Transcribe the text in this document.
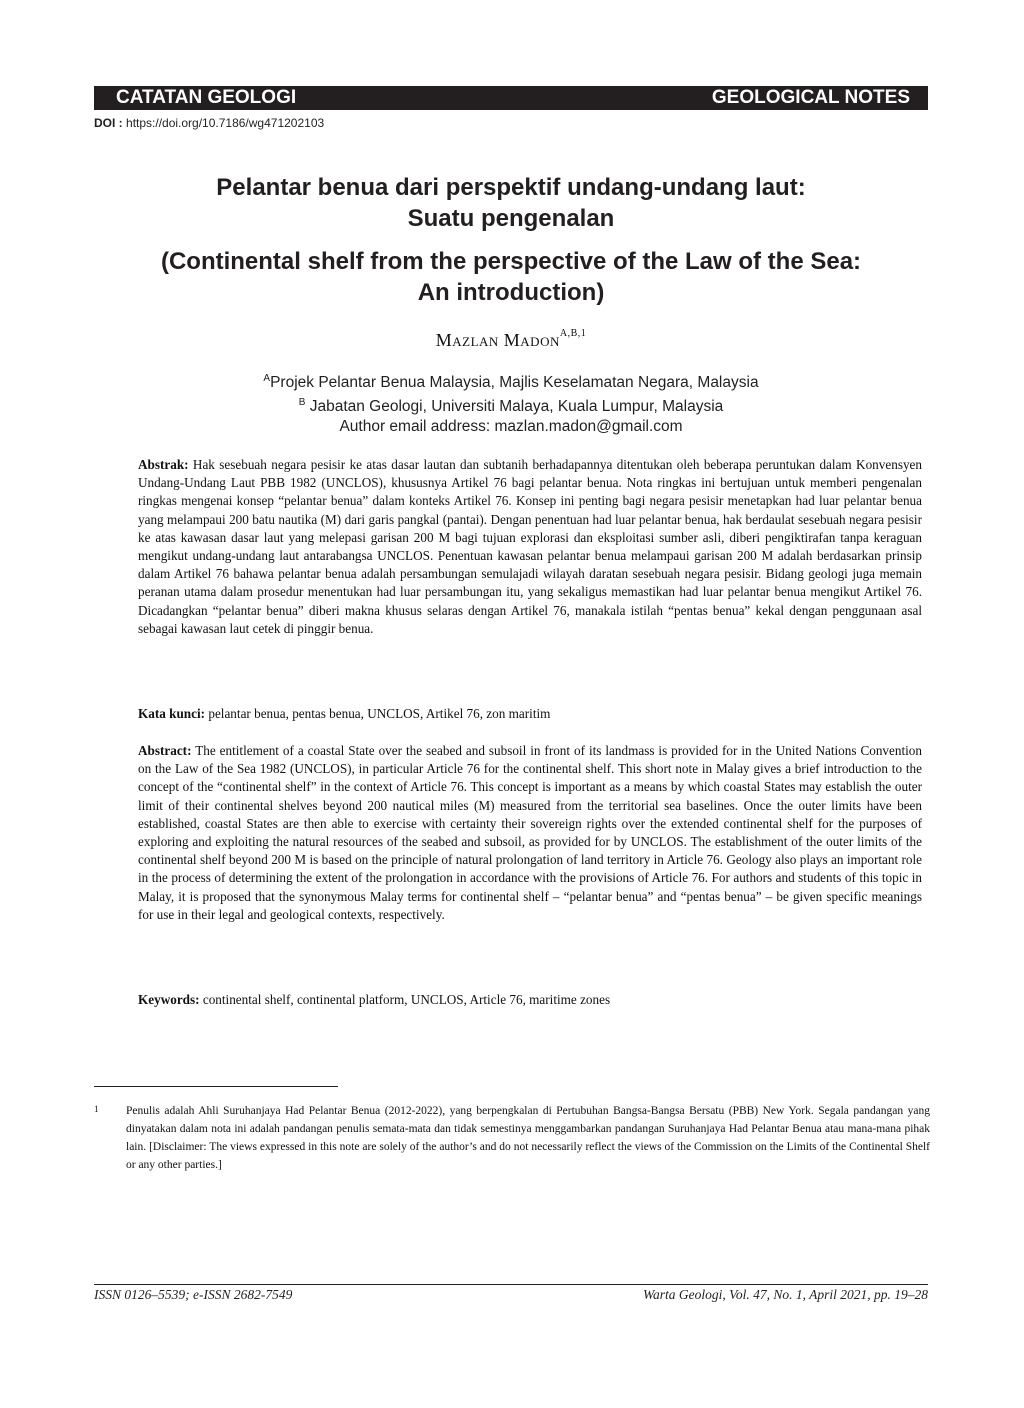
CATATAN GEOLOGI	GEOLOGICAL NOTES
DOI : https://doi.org/10.7186/wg471202103
Pelantar benua dari perspektif undang-undang laut:
Suatu pengenalan
(Continental shelf from the perspective of the Law of the Sea:
An introduction)
Mazlan Madon$^{A,B,1}$
$^A$Projek Pelantar Benua Malaysia, Majlis Keselamatan Negara, Malaysia
$^B$ Jabatan Geologi, Universiti Malaya, Kuala Lumpur, Malaysia
Author email address: mazlan.madon@gmail.com
Abstrak: Hak sesebuah negara pesisir ke atas dasar lautan dan subtanih berhadapannya ditentukan oleh beberapa peruntukan dalam Konvensyen Undang-Undang Laut PBB 1982 (UNCLOS), khususnya Artikel 76 bagi pelantar benua. Nota ringkas ini bertujuan untuk memberi pengenalan ringkas mengenai konsep “pelantar benua” dalam konteks Artikel 76. Konsep ini penting bagi negara pesisir menetapkan had luar pelantar benua yang melampaui 200 batu nautika (M) dari garis pangkal (pantai). Dengan penentuan had luar pelantar benua, hak berdaulat sesebuah negara pesisir ke atas kawasan dasar laut yang melepasi garisan 200 M bagi tujuan explorasi dan eksploitasi sumber asli, diberi pengiktirafan tanpa keraguan mengikut undang-undang laut antarabangsa UNCLOS. Penentuan kawasan pelantar benua melampaui garisan 200 M adalah berdasarkan prinsip dalam Artikel 76 bahawa pelantar benua adalah persambungan semulajadi wilayah daratan sesebuah negara pesisir. Bidang geologi juga memain peranan utama dalam prosedur menentukan had luar persambungan itu, yang sekaligus memastikan had luar pelantar benua mengikut Artikel 76. Dicadangkan “pelantar benua” diberi makna khusus selaras dengan Artikel 76, manakala istilah “pentas benua” kekal dengan penggunaan asal sebagai kawasan laut cetek di pinggir benua.
Kata kunci: pelantar benua, pentas benua, UNCLOS, Artikel 76, zon maritim
Abstract: The entitlement of a coastal State over the seabed and subsoil in front of its landmass is provided for in the United Nations Convention on the Law of the Sea 1982 (UNCLOS), in particular Article 76 for the continental shelf. This short note in Malay gives a brief introduction to the concept of the “continental shelf” in the context of Article 76. This concept is important as a means by which coastal States may establish the outer limit of their continental shelves beyond 200 nautical miles (M) measured from the territorial sea baselines. Once the outer limits have been established, coastal States are then able to exercise with certainty their sovereign rights over the extended continental shelf for the purposes of exploring and exploiting the natural resources of the seabed and subsoil, as provided for by UNCLOS. The establishment of the outer limits of the continental shelf beyond 200 M is based on the principle of natural prolongation of land territory in Article 76. Geology also plays an important role in the process of determining the extent of the prolongation in accordance with the provisions of Article 76. For authors and students of this topic in Malay, it is proposed that the synonymous Malay terms for continental shelf – “pelantar benua” and “pentas benua” – be given specific meanings for use in their legal and geological contexts, respectively.
Keywords: continental shelf, continental platform, UNCLOS, Article 76, maritime zones
1	Penulis adalah Ahli Suruhanjaya Had Pelantar Benua (2012-2022), yang berpengkalan di Pertubuhan Bangsa-Bangsa Bersatu (PBB) New York. Segala pandangan yang dinyatakan dalam nota ini adalah pandangan penulis semata-mata dan tidak semestinya menggambarkan pandangan Suruhanjaya Had Pelantar Benua atau mana-mana pihak lain. [Disclaimer: The views expressed in this note are solely of the author’s and do not necessarily reflect the views of the Commission on the Limits of the Continental Shelf or any other parties.]
ISSN 0126–5539; e-ISSN 2682-7549	Warta Geologi, Vol. 47, No. 1, April 2021, pp. 19–28
